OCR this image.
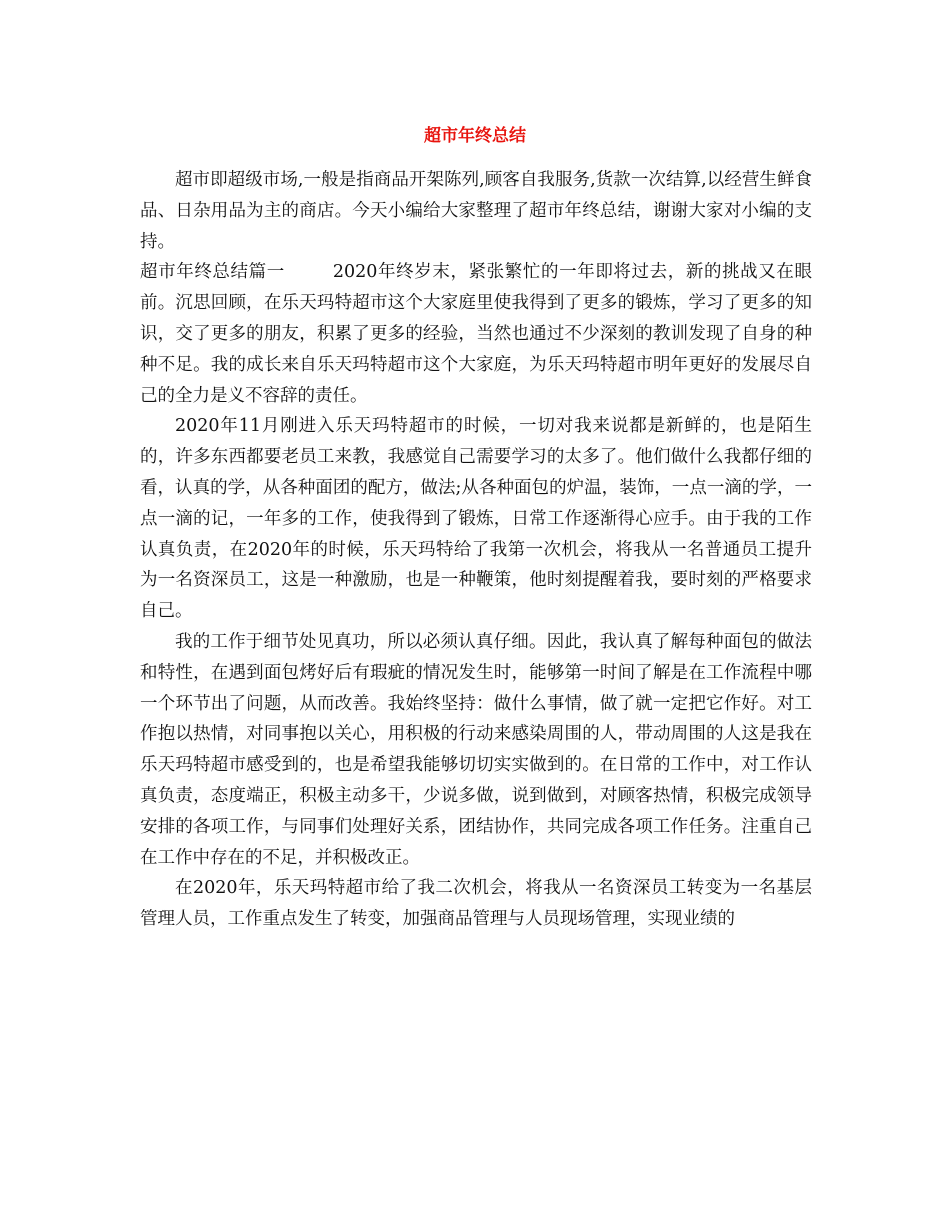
超市年终总结

超市即超级市场,一般是指商品开架陈列,顾客自我服务,货款一次结算,以经营生鲜食品、日杂用品为主的商店。今天小编给大家整理了超市年终总结，谢谢大家对小编的支持。

超市年终总结篇一	2020年终岁末，紧张繁忙的一年即将过去，新的挑战又在眼前。沉思回顾，在乐天玛特超市这个大家庭里使我得到了更多的锻炼，学习了更多的知识，交了更多的朋友，积累了更多的经验，当然也通过不少深刻的教训发现了自身的种种不足。我的成长来自乐天玛特超市这个大家庭，为乐天玛特超市明年更好的发展尽自己的全力是义不容辞的责任。

2020年11月刚进入乐天玛特超市的时候，一切对我来说都是新鲜的，也是陌生的，许多东西都要老员工来教，我感觉自己需要学习的太多了。他们做什么我都仔细的看，认真的学，从各种面团的配方，做法;从各种面包的炉温，装饰，一点一滴的学，一点一滴的记，一年多的工作，使我得到了锻炼，日常工作逐渐得心应手。由于我的工作认真负责，在2020年的时候，乐天玛特给了我第一次机会，将我从一名普通员工提升为一名资深员工，这是一种激励，也是一种鞭策，他时刻提醒着我，要时刻的严格要求自己。

我的工作于细节处见真功，所以必须认真仔细。因此，我认真了解每种面包的做法和特性，在遇到面包烤好后有瑕疵的情况发生时，能够第一时间了解是在工作流程中哪一个环节出了问题，从而改善。我始终坚持：做什么事情，做了就一定把它作好。对工作抱以热情，对同事抱以关心，用积极的行动来感染周围的人，带动周围的人这是我在乐天玛特超市感受到的，也是希望我能够切切实实做到的。在日常的工作中，对工作认真负责，态度端正，积极主动多干，少说多做，说到做到，对顾客热情，积极完成领导安排的各项工作，与同事们处理好关系，团结协作，共同完成各项工作任务。注重自己在工作中存在的不足，并积极改正。

在2020年，乐天玛特超市给了我二次机会，将我从一名资深员工转变为一名基层管理人员，工作重点发生了转变，加强商品管理与人员现场管理，实现业绩的
